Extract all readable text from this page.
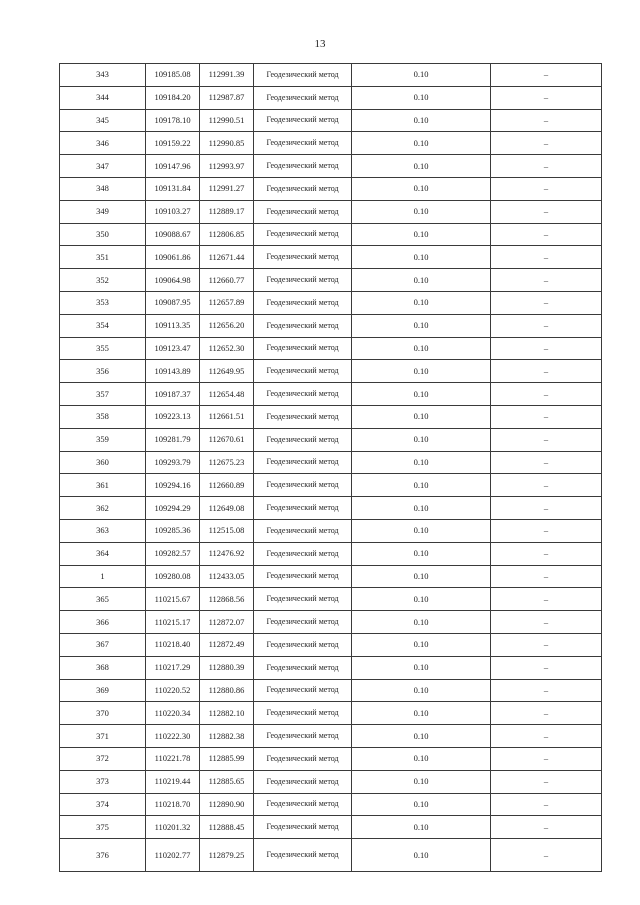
13
343	109185.08	112991.39	Геодезический метод	0.10	–
344	109184.20	112987.87	Геодезический метод	0.10	–
345	109178.10	112990.51	Геодезический метод	0.10	–
346	109159.22	112990.85	Геодезический метод	0.10	–
347	109147.96	112993.97	Геодезический метод	0.10	–
348	109131.84	112991.27	Геодезический метод	0.10	–
349	109103.27	112889.17	Геодезический метод	0.10	–
350	109088.67	112806.85	Геодезический метод	0.10	–
351	109061.86	112671.44	Геодезический метод	0.10	–
352	109064.98	112660.77	Геодезический метод	0.10	–
353	109087.95	112657.89	Геодезический метод	0.10	–
354	109113.35	112656.20	Геодезический метод	0.10	–
355	109123.47	112652.30	Геодезический метод	0.10	–
356	109143.89	112649.95	Геодезический метод	0.10	–
357	109187.37	112654.48	Геодезический метод	0.10	–
358	109223.13	112661.51	Геодезический метод	0.10	–
359	109281.79	112670.61	Геодезический метод	0.10	–
360	109293.79	112675.23	Геодезический метод	0.10	–
361	109294.16	112660.89	Геодезический метод	0.10	–
362	109294.29	112649.08	Геодезический метод	0.10	–
363	109285.36	112515.08	Геодезический метод	0.10	–
364	109282.57	112476.92	Геодезический метод	0.10	–
1	109280.08	112433.05	Геодезический метод	0.10	–
365	110215.67	112868.56	Геодезический метод	0.10	–
366	110215.17	112872.07	Геодезический метод	0.10	–
367	110218.40	112872.49	Геодезический метод	0.10	–
368	110217.29	112880.39	Геодезический метод	0.10	–
369	110220.52	112880.86	Геодезический метод	0.10	–
370	110220.34	112882.10	Геодезический метод	0.10	–
371	110222.30	112882.38	Геодезический метод	0.10	–
372	110221.78	112885.99	Геодезический метод	0.10	–
373	110219.44	112885.65	Геодезический метод	0.10	–
374	110218.70	112890.90	Геодезический метод	0.10	–
375	110201.32	112888.45	Геодезический метод	0.10	–
376	110202.77	112879.25	Геодезический метод	0.10	–
